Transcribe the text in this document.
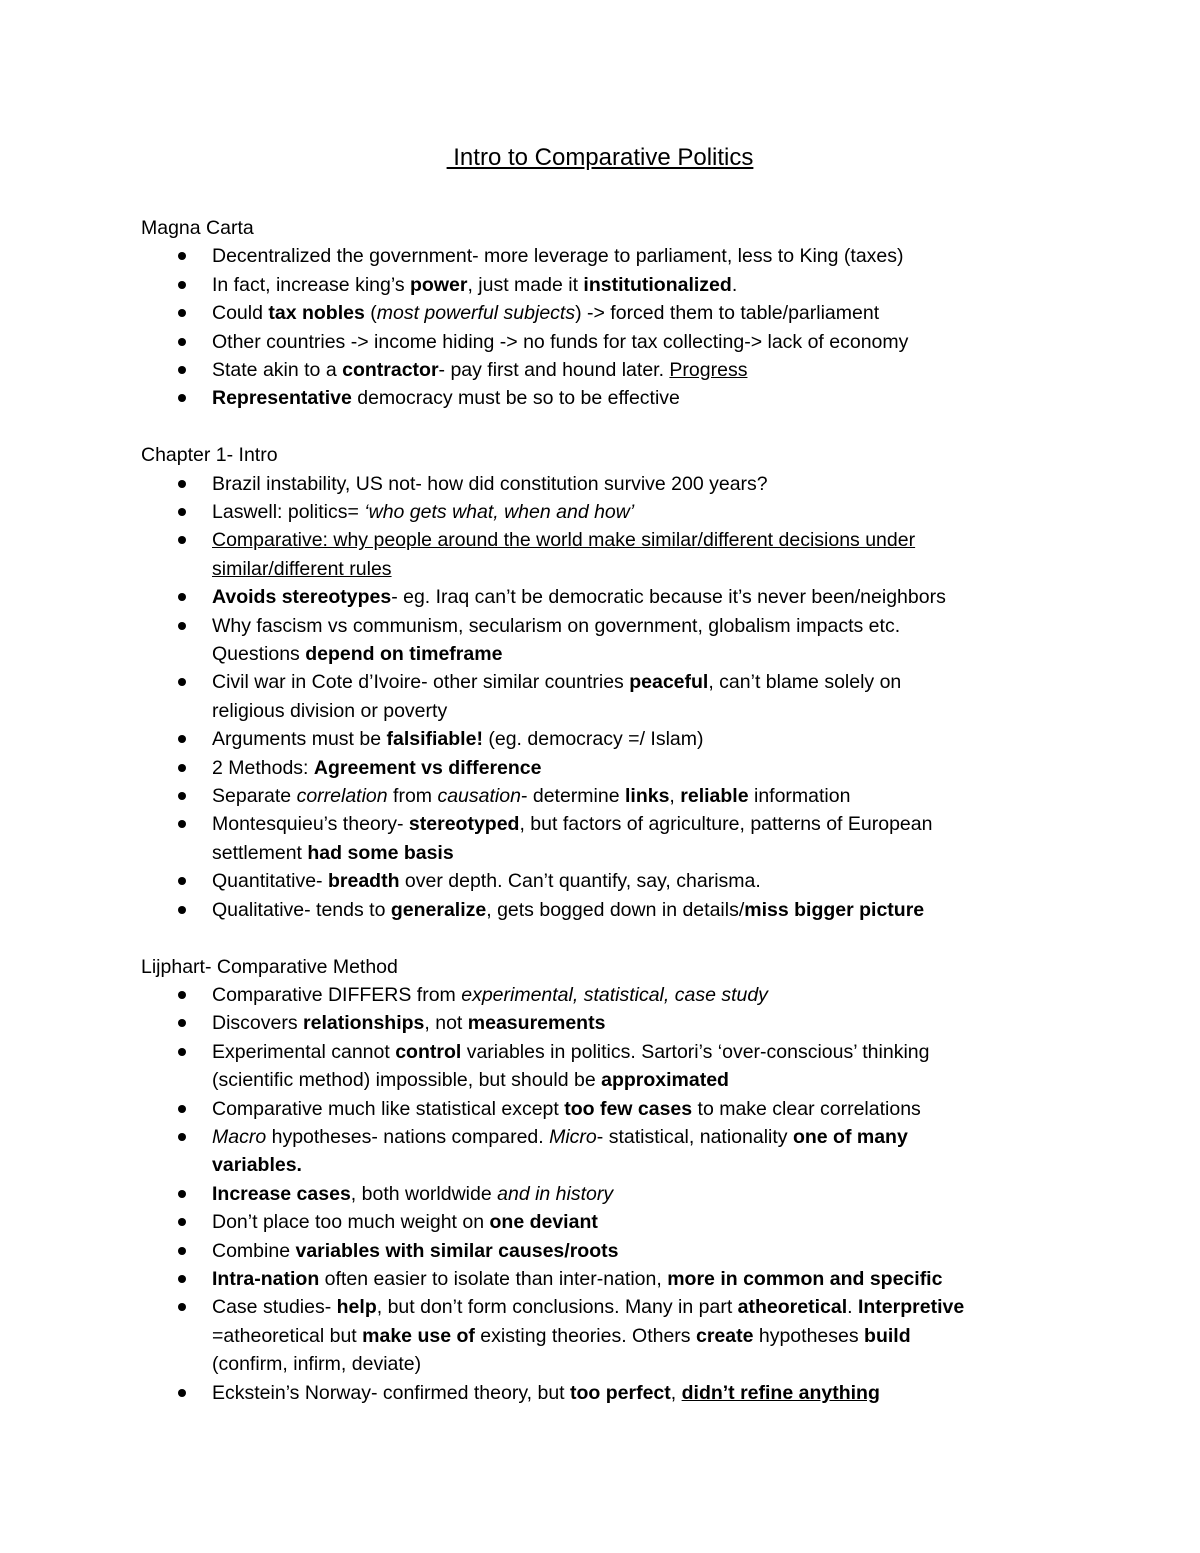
Intro to Comparative Politics
Magna Carta
Decentralized the government- more leverage to parliament, less to King (taxes)
In fact, increase king’s power, just made it institutionalized.
Could tax nobles (most powerful subjects) -> forced them to table/parliament
Other countries -> income hiding -> no funds for tax collecting-> lack of economy
State akin to a contractor- pay first and hound later. Progress
Representative democracy must be so to be effective
Chapter 1- Intro
Brazil instability, US not- how did constitution survive 200 years?
Laswell: politics= ‘who gets what, when and how’
Comparative: why people around the world make similar/different decisions under
similar/different rules
Avoids stereotypes- eg. Iraq can’t be democratic because it’s never been/neighbors
Why fascism vs communism, secularism on government, globalism impacts etc.
Questions depend on timeframe
Civil war in Cote d’Ivoire- other similar countries peaceful, can’t blame solely on
religious division or poverty
Arguments must be falsifiable! (eg. democracy =/ Islam)
2 Methods: Agreement vs difference
Separate correlation from causation- determine links, reliable information
Montesquieu’s theory- stereotyped, but factors of agriculture, patterns of European
settlement had some basis
Quantitative- breadth over depth. Can’t quantify, say, charisma.
Qualitative- tends to generalize, gets bogged down in details/miss bigger picture
Lijphart- Comparative Method
Comparative DIFFERS from experimental, statistical, case study
Discovers relationships, not measurements
Experimental cannot control variables in politics. Sartori’s ‘over-conscious’ thinking
(scientific method) impossible, but should be approximated
Comparative much like statistical except too few cases to make clear correlations
Macro hypotheses- nations compared. Micro- statistical, nationality one of many
variables.
Increase cases, both worldwide and in history
Don’t place too much weight on one deviant
Combine variables with similar causes/roots
Intra-nation often easier to isolate than inter-nation, more in common and specific
Case studies- help, but don’t form conclusions. Many in part atheoretical. Interpretive
=atheoretical but make use of existing theories. Others create hypotheses build
(confirm, infirm, deviate)
Eckstein’s Norway- confirmed theory, but too perfect, didn’t refine anything
